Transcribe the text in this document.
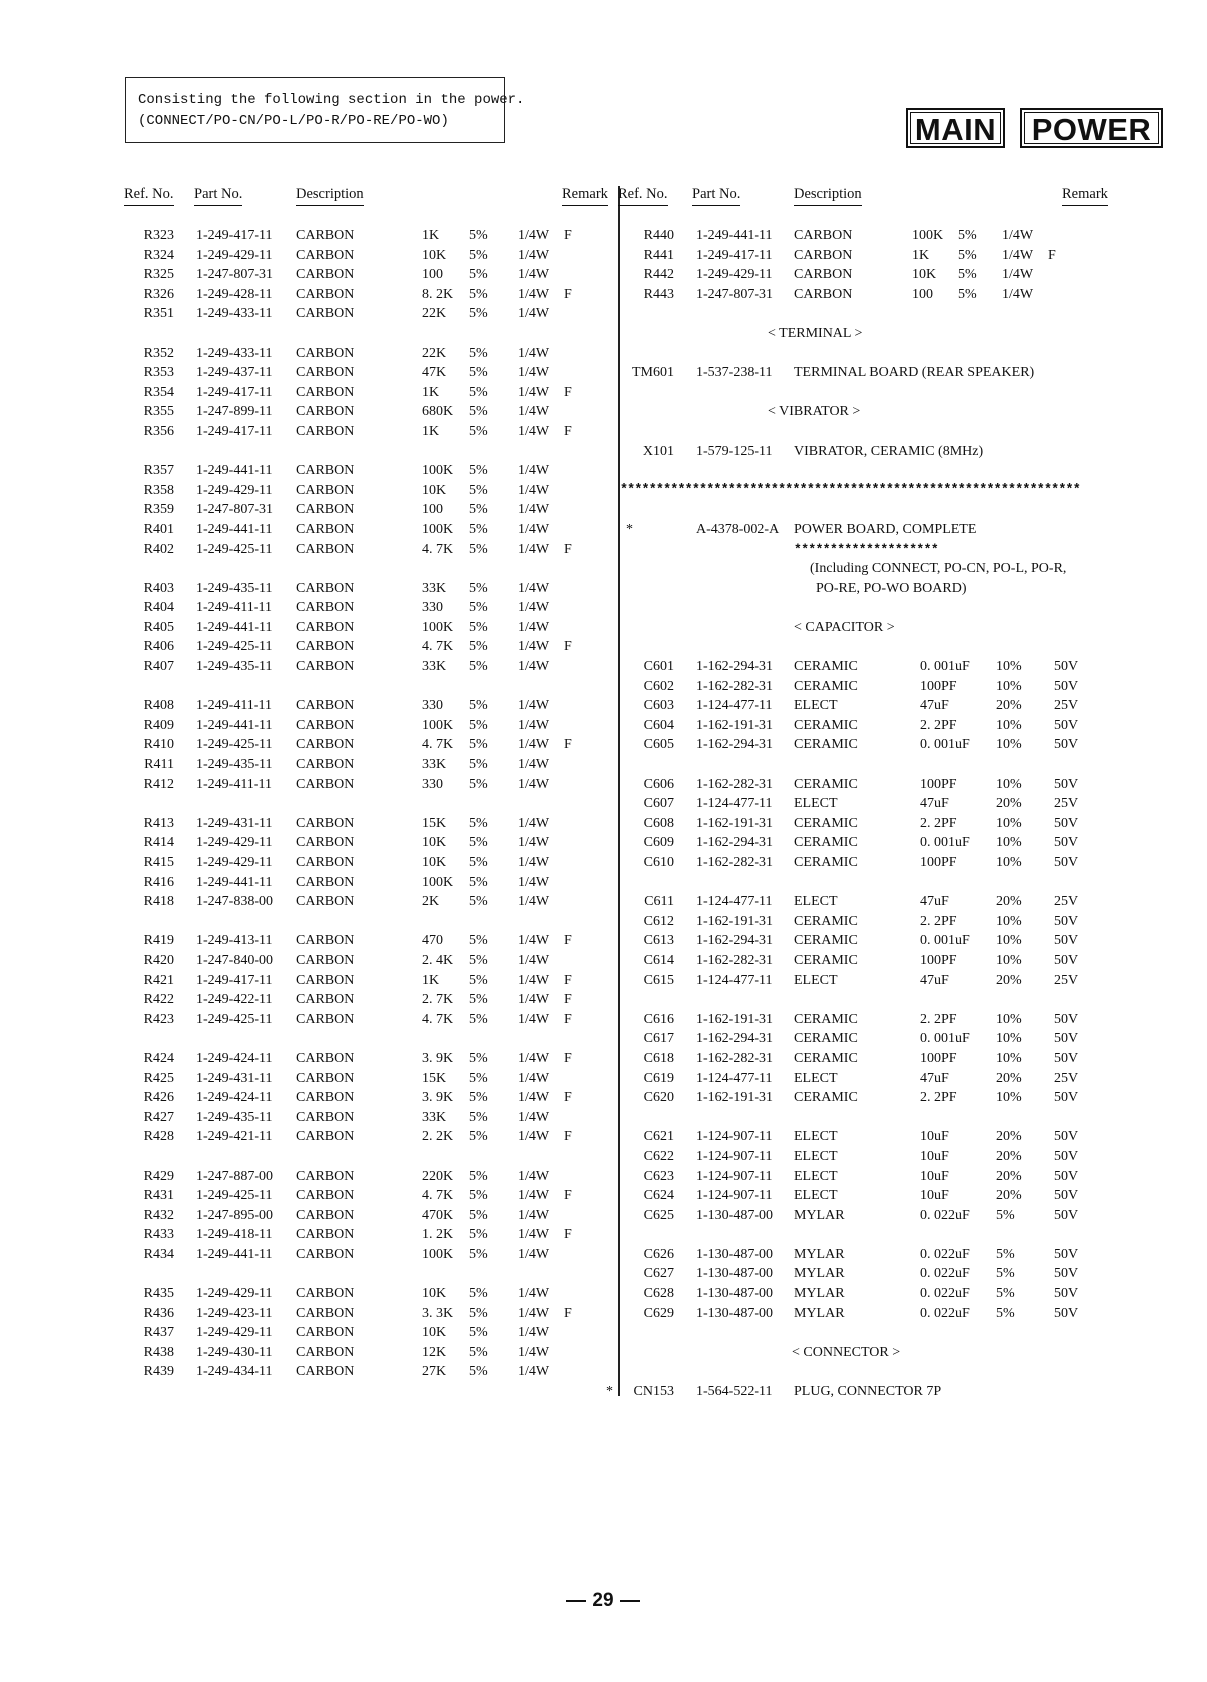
Consisting the following section in the power.
(CONNECT/PO-CN/PO-L/PO-R/PO-RE/PO-WO)	MAIN	POWER
Ref. No. Part No.	Description	Remark
R323 1-249-417-11 CARBON	1K 5% 1/4W F
R324 1-249-429-11 CARBON	10K 5% 1/4W
R325 1-247-807-31 CARBON	100 5% 1/4W
R326 1-249-428-11 CARBON	8. 2K 5% 1/4W F
R351 1-249-433-11 CARBON	22K 5% 1/4W
R352 1-249-433-11 CARBON	22K 5% 1/4W
R353 1-249-437-11 CARBON	47K 5% 1/4W
R354 1-249-417-11 CARBON	1K 5% 1/4W F
R355 1-247-899-11 CARBON	680K 5% 1/4W
R356 1-249-417-11 CARBON	1K 5% 1/4W F
R357 1-249-441-11 CARBON	100K 5% 1/4W
R358 1-249-429-11 CARBON	10K 5% 1/4W
R359 1-247-807-31 CARBON	100 5% 1/4W
R401 1-249-441-11 CARBON	100K 5% 1/4W
R402 1-249-425-11 CARBON	4. 7K 5% 1/4W F
R403 1-249-435-11 CARBON	33K 5% 1/4W
R404 1-249-411-11 CARBON	330 5% 1/4W
R405 1-249-441-11 CARBON	100K 5% 1/4W
R406 1-249-425-11 CARBON	4. 7K 5% 1/4W F
R407 1-249-435-11 CARBON	33K 5% 1/4W
R408 1-249-411-11 CARBON	330 5% 1/4W
R409 1-249-441-11 CARBON	100K 5% 1/4W
R410 1-249-425-11 CARBON	4. 7K 5% 1/4W F
R411 1-249-435-11 CARBON	33K 5% 1/4W
R412 1-249-411-11 CARBON	330 5% 1/4W
R413 1-249-431-11 CARBON	15K 5% 1/4W
R414 1-249-429-11 CARBON	10K 5% 1/4W
R415 1-249-429-11 CARBON	10K 5% 1/4W
R416 1-249-441-11 CARBON	100K 5% 1/4W
R418 1-247-838-00 CARBON	2K 5% 1/4W
R419 1-249-413-11 CARBON	470 5% 1/4W F
R420 1-247-840-00 CARBON	2. 4K 5% 1/4W
R421 1-249-417-11 CARBON	1K 5% 1/4W F
R422 1-249-422-11 CARBON	2. 7K 5% 1/4W F
R423 1-249-425-11 CARBON	4. 7K 5% 1/4W F
R424 1-249-424-11 CARBON	3. 9K 5% 1/4W F
R425 1-249-431-11 CARBON	15K 5% 1/4W
R426 1-249-424-11 CARBON	3. 9K 5% 1/4W F
R427 1-249-435-11 CARBON	33K 5% 1/4W
R428 1-249-421-11 CARBON	2. 2K 5% 1/4W F
R429 1-247-887-00 CARBON	220K 5% 1/4W
R431 1-249-425-11 CARBON	4. 7K 5% 1/4W F
R432 1-247-895-00 CARBON	470K 5% 1/4W
R433 1-249-418-11 CARBON	1. 2K 5% 1/4W F
R434 1-249-441-11 CARBON	100K 5% 1/4W
R435 1-249-429-11 CARBON	10K 5% 1/4W
R436 1-249-423-11 CARBON	3. 3K 5% 1/4W F
R437 1-249-429-11 CARBON	10K 5% 1/4W
R438 1-249-430-11 CARBON	12K 5% 1/4W
R439 1-249-434-11 CARBON	27K 5% 1/4W
Ref. No. Part No.	Description	Remark
R440 1-249-441-11 CARBON	100K 5% 1/4W
R441 1-249-417-11 CARBON	1K 5% 1/4W F
R442 1-249-429-11 CARBON	10K 5% 1/4W
R443 1-247-807-31 CARBON	100 5% 1/4W
< TERMINAL >
TM601 1-537-238-11 TERMINAL BOARD (REAR SPEAKER)
< VIBRATOR >
X101 1-579-125-11 VIBRATOR, CERAMIC (8MHz)
****************************************************************
*	A-4378-002-A POWER BOARD, COMPLETE
********************
(Including CONNECT, PO-CN, PO-L, PO-R,
PO-RE, PO-WO BOARD)
< CAPACITOR >
C601 1-162-294-31 CERAMIC	0. 001uF 10% 50V
C602 1-162-282-31 CERAMIC	100PF	10% 50V
C603 1-124-477-11 ELECT	47uF	20% 25V
C604 1-162-191-31 CERAMIC	2. 2PF	10% 50V
C605 1-162-294-31 CERAMIC	0. 001uF 10% 50V
C606 1-162-282-31 CERAMIC	100PF	10% 50V
C607 1-124-477-11 ELECT	47uF	20% 25V
C608 1-162-191-31 CERAMIC	2. 2PF	10% 50V
C609 1-162-294-31 CERAMIC	0. 001uF 10% 50V
C610 1-162-282-31 CERAMIC	100PF	10% 50V
C611 1-124-477-11 ELECT	47uF	20% 25V
C612 1-162-191-31 CERAMIC	2. 2PF	10% 50V
C613 1-162-294-31 CERAMIC	0. 001uF 10% 50V
C614 1-162-282-31 CERAMIC	100PF	10% 50V
C615 1-124-477-11 ELECT	47uF	20% 25V
C616 1-162-191-31 CERAMIC	2. 2PF	10% 50V
C617 1-162-294-31 CERAMIC	0. 001uF 10% 50V
C618 1-162-282-31 CERAMIC	100PF	10% 50V
C619 1-124-477-11 ELECT	47uF	20% 25V
C620 1-162-191-31 CERAMIC	2. 2PF	10% 50V
C621 1-124-907-11 ELECT	10uF	20% 50V
C622 1-124-907-11 ELECT	10uF	20% 50V
C623 1-124-907-11 ELECT	10uF	20% 50V
C624 1-124-907-11 ELECT	10uF	20% 50V
C625 1-130-487-00 MYLAR	0. 022uF 5%	50V
C626 1-130-487-00 MYLAR	0. 022uF 5%	50V
C627 1-130-487-00 MYLAR	0. 022uF 5%	50V
C628 1-130-487-00 MYLAR	0. 022uF 5%	50V
C629 1-130-487-00 MYLAR	0. 022uF 5%	50V
< CONNECTOR >
*	CN153 1-564-522-11 PLUG, CONNECTOR 7P
29
